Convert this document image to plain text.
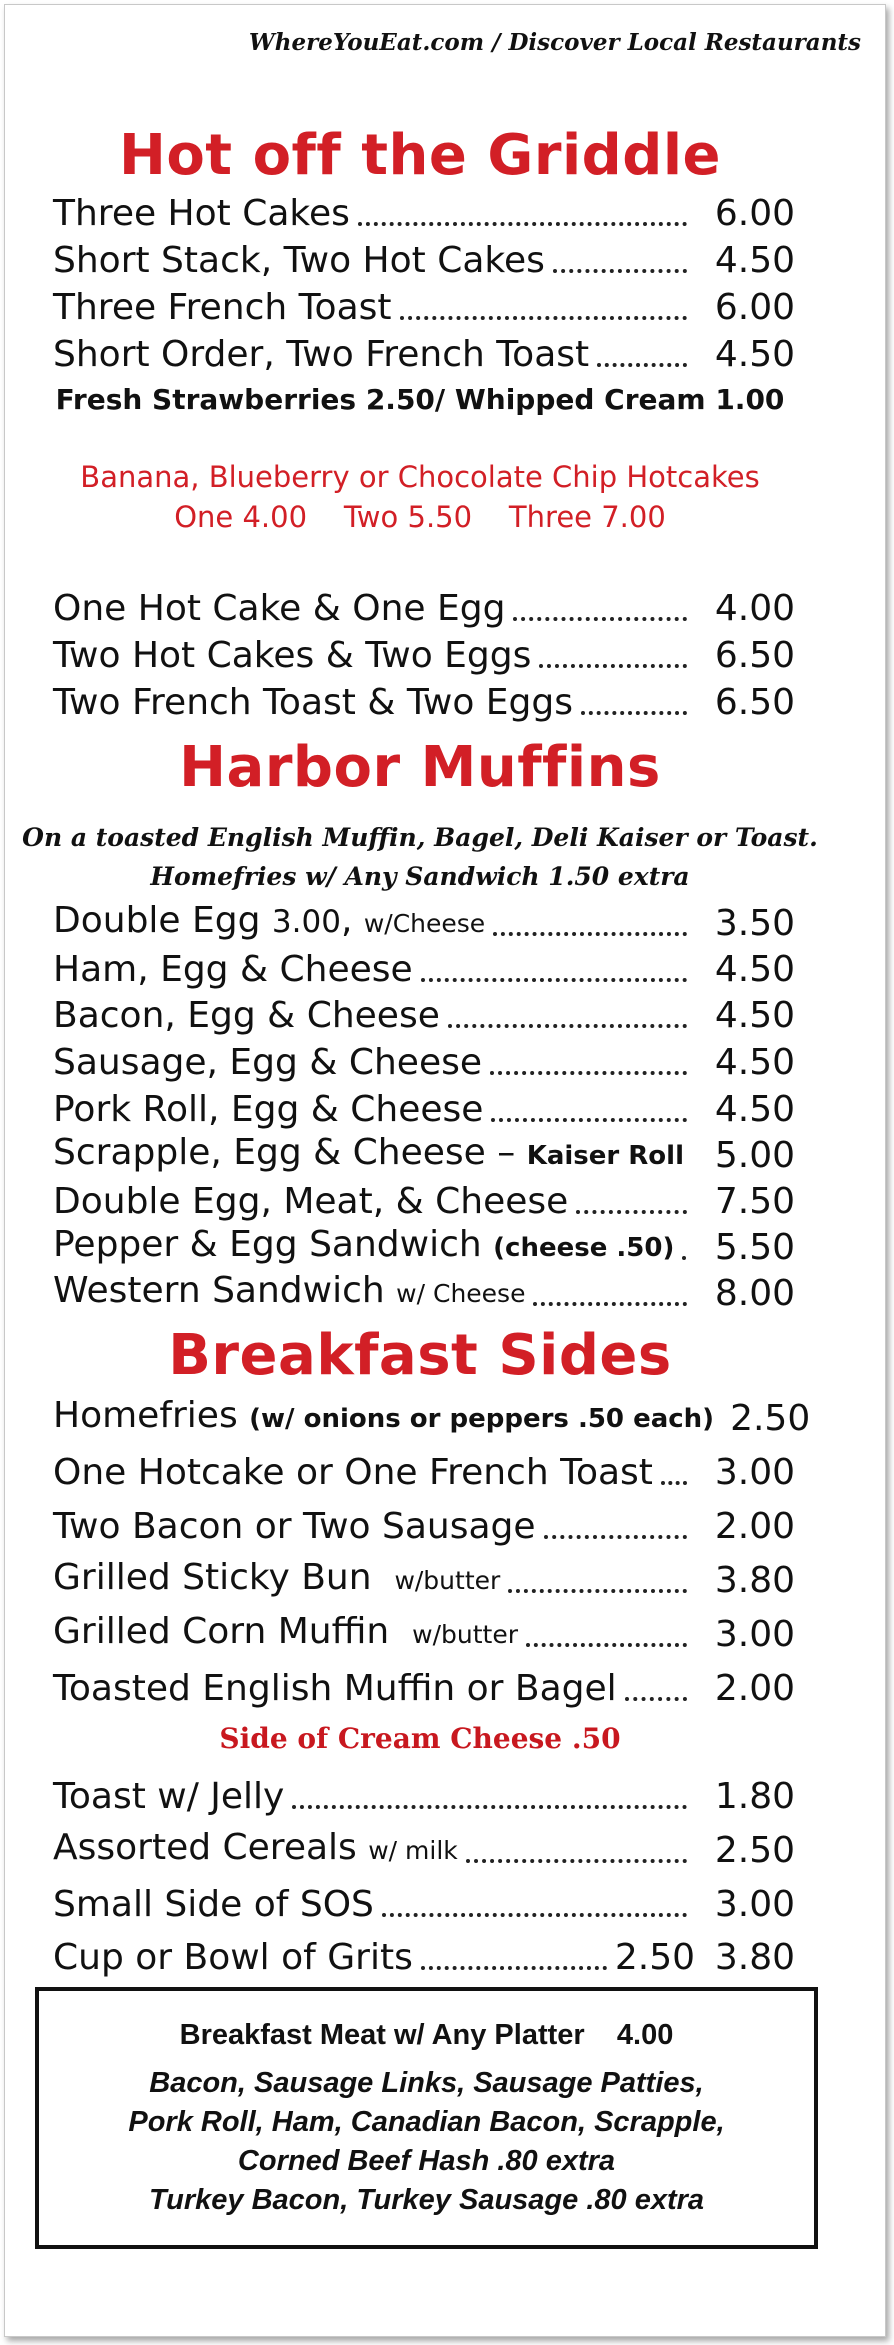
WhereYouEat.com / Discover Local Restaurants
Hot off the Griddle
Three Hot Cakes	6.00
Short Stack, Two Hot Cakes	4.50
Three French Toast	6.00
Short Order, Two French Toast	4.50
Fresh Strawberries 2.50/ Whipped Cream 1.00
Banana, Blueberry or Chocolate Chip Hotcakes
One 4.00    Two 5.50    Three 7.00
One Hot Cake & One Egg	4.00
Two Hot Cakes & Two Eggs	6.50
Two French Toast & Two Eggs	6.50
Harbor Muffins
On a toasted English Muffin, Bagel, Deli Kaiser or Toast.
Homefries w/ Any Sandwich 1.50 extra
Double Egg 3.00, w/Cheese	3.50
Ham, Egg & Cheese	4.50
Bacon, Egg & Cheese	4.50
Sausage, Egg & Cheese	4.50
Pork Roll, Egg & Cheese	4.50
Scrapple, Egg & Cheese – Kaiser Roll 5.00
Double Egg, Meat, & Cheese	7.50
Pepper & Egg Sandwich (cheese .50)	5.50
Western Sandwich w/ Cheese	8.00
Breakfast Sides
Homefries (w/ onions or peppers .50 each) 2.50
One Hotcake or One French Toast	3.00
Two Bacon or Two Sausage	2.00
Grilled Sticky Bun  w/butter	3.80
Grilled Corn Muffin  w/butter	3.00
Toasted English Muffin or Bagel	2.00
Side of Cream Cheese .50
Toast w/ Jelly	1.80
Assorted Cereals w/ milk	2.50
Small Side of SOS	3.00
Cup or Bowl of Grits	2.50 3.80
Breakfast Meat w/ Any Platter    4.00
Bacon, Sausage Links, Sausage Patties,
Pork Roll, Ham, Canadian Bacon, Scrapple,
Corned Beef Hash .80 extra
Turkey Bacon, Turkey Sausage .80 extra
